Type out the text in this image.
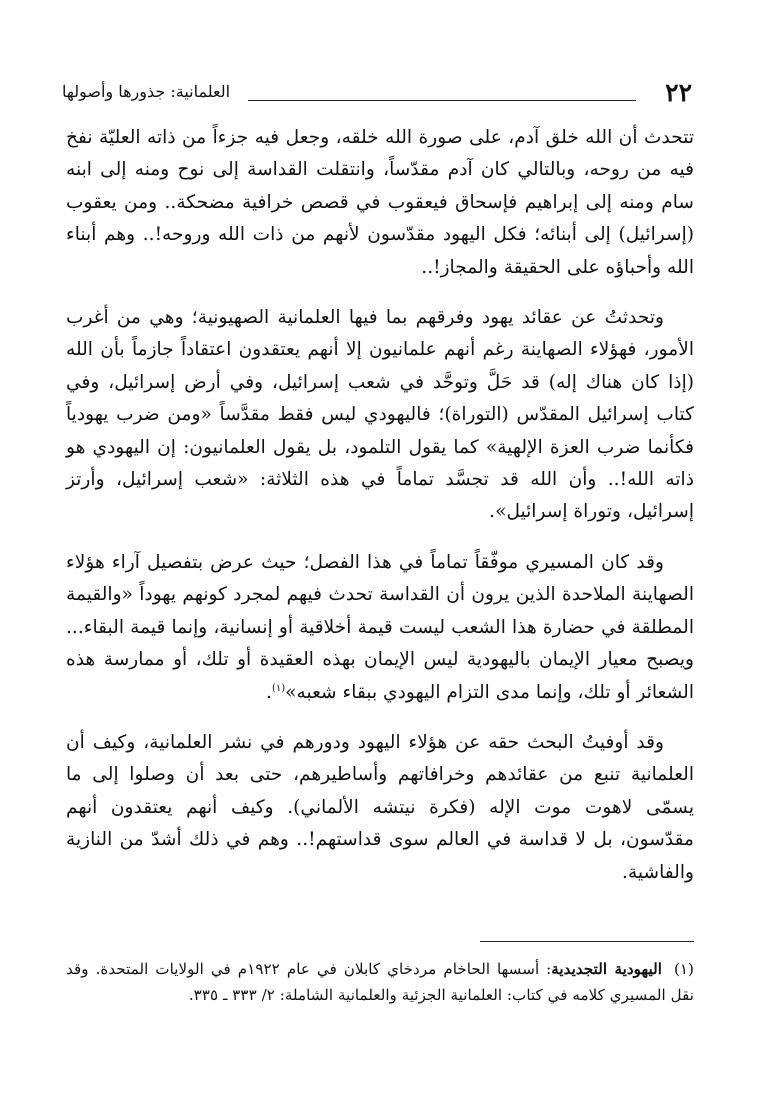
٢٢
العلمانية: جذورها وأصولها

تتحدث أن الله خلق آدم، على صورة الله خلقه، وجعل فيه جزءاً من ذاته العليّة نفخ فيه من روحه، وبالتالي كان آدم مقدّساً، وانتقلت القداسة إلى نوح ومنه إلى ابنه سام ومنه إلى إبراهيم فإسحاق فيعقوب في قصص خرافية مضحكة.. ومن يعقوب (إسرائيل) إلى أبنائه؛ فكل اليهود مقدّسون لأنهم من ذات الله وروحه!.. وهم أبناء الله وأحباؤه على الحقيقة والمجاز!..

وتحدثتُ عن عقائد يهود وفرقهم بما فيها العلمانية الصهيونية؛ وهي من أغرب الأمور، فهؤلاء الصهاينة رغم أنهم علمانيون إلا أنهم يعتقدون اعتقاداً جازماً بأن الله (إذا كان هناك إله) قد حَلَّ وتوحَّد في شعب إسرائيل، وفي أرض إسرائيل، وفي كتاب إسرائيل المقدّس (التوراة)؛ فاليهودي ليس فقط مقدَّساً «ومن ضرب يهودياً فكأنما ضرب العزة الإلهية» كما يقول التلمود، بل يقول العلمانيون: إن اليهودي هو ذاته الله!.. وأن الله قد تجسَّد تماماً في هذه الثلاثة: «شعب إسرائيل، وأرتز إسرائيل، وتوراة إسرائيل».

وقد كان المسيري موفّقاً تماماً في هذا الفصل؛ حيث عرض بتفصيل آراء هؤلاء الصهاينة الملاحدة الذين يرون أن القداسة تحدث فيهم لمجرد كونهم يهوداً «والقيمة المطلقة في حضارة هذا الشعب ليست قيمة أخلاقية أو إنسانية، وإنما قيمة البقاء... ويصبح معيار الإيمان باليهودية ليس الإيمان بهذه العقيدة أو تلك، أو ممارسة هذه الشعائر أو تلك، وإنما مدى التزام اليهودي ببقاء شعبه»$^{(١)}$.

وقد أوفيتُ البحث حقه عن هؤلاء اليهود ودورهم في نشر العلمانية، وكيف أن العلمانية تنبع من عقائدهم وخرافاتهم وأساطيرهم، حتى بعد أن وصلوا إلى ما يسمّى لاهوت موت الإله (فكرة نيتشه الألماني). وكيف أنهم يعتقدون أنهم مقدّسون، بل لا قداسة في العالم سوى قداستهم!.. وهم في ذلك أشدّ من النازية والفاشية.

(١)اليهودية التجديدية: أسسها الحاخام مردخاي كابلان في عام ١٩٢٢م في الولايات المتحدة. وقد نقل المسيري كلامه في كتاب: العلمانية الجزئية والعلمانية الشاملة: ٢/ ٣٣٣ ـ ٣٣٥.
